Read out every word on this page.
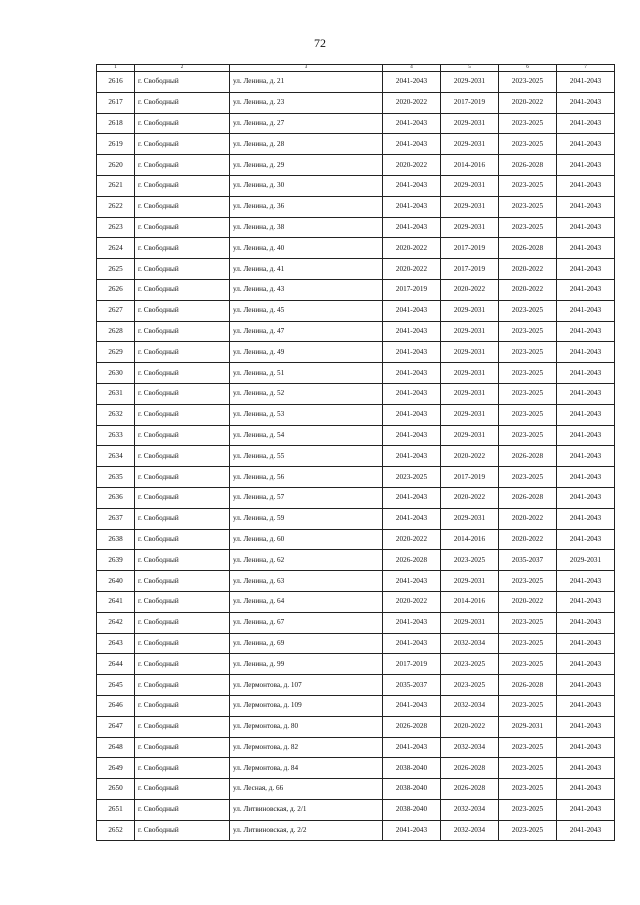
72
1	2	3	4	5	6	7
2616	г. Свободный	ул. Ленина, д. 21	2041-2043	2029-2031	2023-2025	2041-2043
2617	г. Свободный	ул. Ленина, д. 23	2020-2022	2017-2019	2020-2022	2041-2043
2618	г. Свободный	ул. Ленина, д. 27	2041-2043	2029-2031	2023-2025	2041-2043
2619	г. Свободный	ул. Ленина, д. 28	2041-2043	2029-2031	2023-2025	2041-2043
2620	г. Свободный	ул. Ленина, д. 29	2020-2022	2014-2016	2026-2028	2041-2043
2621	г. Свободный	ул. Ленина, д. 30	2041-2043	2029-2031	2023-2025	2041-2043
2622	г. Свободный	ул. Ленина, д. 36	2041-2043	2029-2031	2023-2025	2041-2043
2623	г. Свободный	ул. Ленина, д. 38	2041-2043	2029-2031	2023-2025	2041-2043
2624	г. Свободный	ул. Ленина, д. 40	2020-2022	2017-2019	2026-2028	2041-2043
2625	г. Свободный	ул. Ленина, д. 41	2020-2022	2017-2019	2020-2022	2041-2043
2626	г. Свободный	ул. Ленина, д. 43	2017-2019	2020-2022	2020-2022	2041-2043
2627	г. Свободный	ул. Ленина, д. 45	2041-2043	2029-2031	2023-2025	2041-2043
2628	г. Свободный	ул. Ленина, д. 47	2041-2043	2029-2031	2023-2025	2041-2043
2629	г. Свободный	ул. Ленина, д. 49	2041-2043	2029-2031	2023-2025	2041-2043
2630	г. Свободный	ул. Ленина, д. 51	2041-2043	2029-2031	2023-2025	2041-2043
2631	г. Свободный	ул. Ленина, д. 52	2041-2043	2029-2031	2023-2025	2041-2043
2632	г. Свободный	ул. Ленина, д. 53	2041-2043	2029-2031	2023-2025	2041-2043
2633	г. Свободный	ул. Ленина, д. 54	2041-2043	2029-2031	2023-2025	2041-2043
2634	г. Свободный	ул. Ленина, д. 55	2041-2043	2020-2022	2026-2028	2041-2043
2635	г. Свободный	ул. Ленина, д. 56	2023-2025	2017-2019	2023-2025	2041-2043
2636	г. Свободный	ул. Ленина, д. 57	2041-2043	2020-2022	2026-2028	2041-2043
2637	г. Свободный	ул. Ленина, д. 59	2041-2043	2029-2031	2020-2022	2041-2043
2638	г. Свободный	ул. Ленина, д. 60	2020-2022	2014-2016	2020-2022	2041-2043
2639	г. Свободный	ул. Ленина, д. 62	2026-2028	2023-2025	2035-2037	2029-2031
2640	г. Свободный	ул. Ленина, д. 63	2041-2043	2029-2031	2023-2025	2041-2043
2641	г. Свободный	ул. Ленина, д. 64	2020-2022	2014-2016	2020-2022	2041-2043
2642	г. Свободный	ул. Ленина, д. 67	2041-2043	2029-2031	2023-2025	2041-2043
2643	г. Свободный	ул. Ленина, д. 69	2041-2043	2032-2034	2023-2025	2041-2043
2644	г. Свободный	ул. Ленина, д. 99	2017-2019	2023-2025	2023-2025	2041-2043
2645	г. Свободный	ул. Лермонтова, д. 107	2035-2037	2023-2025	2026-2028	2041-2043
2646	г. Свободный	ул. Лермонтова, д. 109	2041-2043	2032-2034	2023-2025	2041-2043
2647	г. Свободный	ул. Лермонтова, д. 80	2026-2028	2020-2022	2029-2031	2041-2043
2648	г. Свободный	ул. Лермонтова, д. 82	2041-2043	2032-2034	2023-2025	2041-2043
2649	г. Свободный	ул. Лермонтова, д. 84	2038-2040	2026-2028	2023-2025	2041-2043
2650	г. Свободный	ул. Лесная, д. 66	2038-2040	2026-2028	2023-2025	2041-2043
2651	г. Свободный	ул. Литвиновская, д. 2/1	2038-2040	2032-2034	2023-2025	2041-2043
2652	г. Свободный	ул. Литвиновская, д. 2/2	2041-2043	2032-2034	2023-2025	2041-2043
